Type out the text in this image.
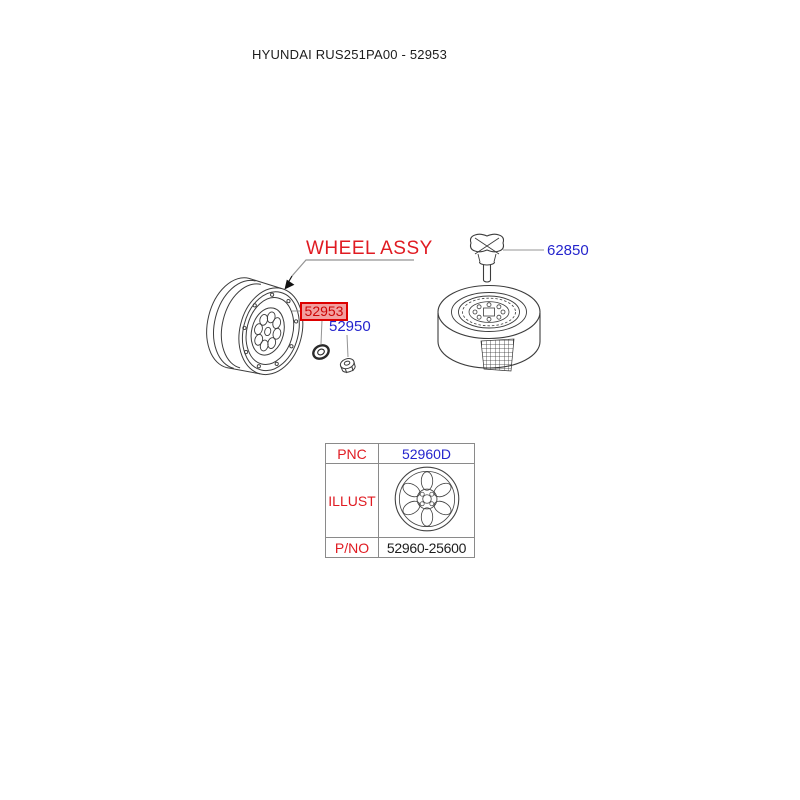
HYUNDAI RUS251PA00 - 52953
WHEEL ASSY
52953
52950
62850
PNC	52960D
ILLUST	
P/NO	52960-25600
